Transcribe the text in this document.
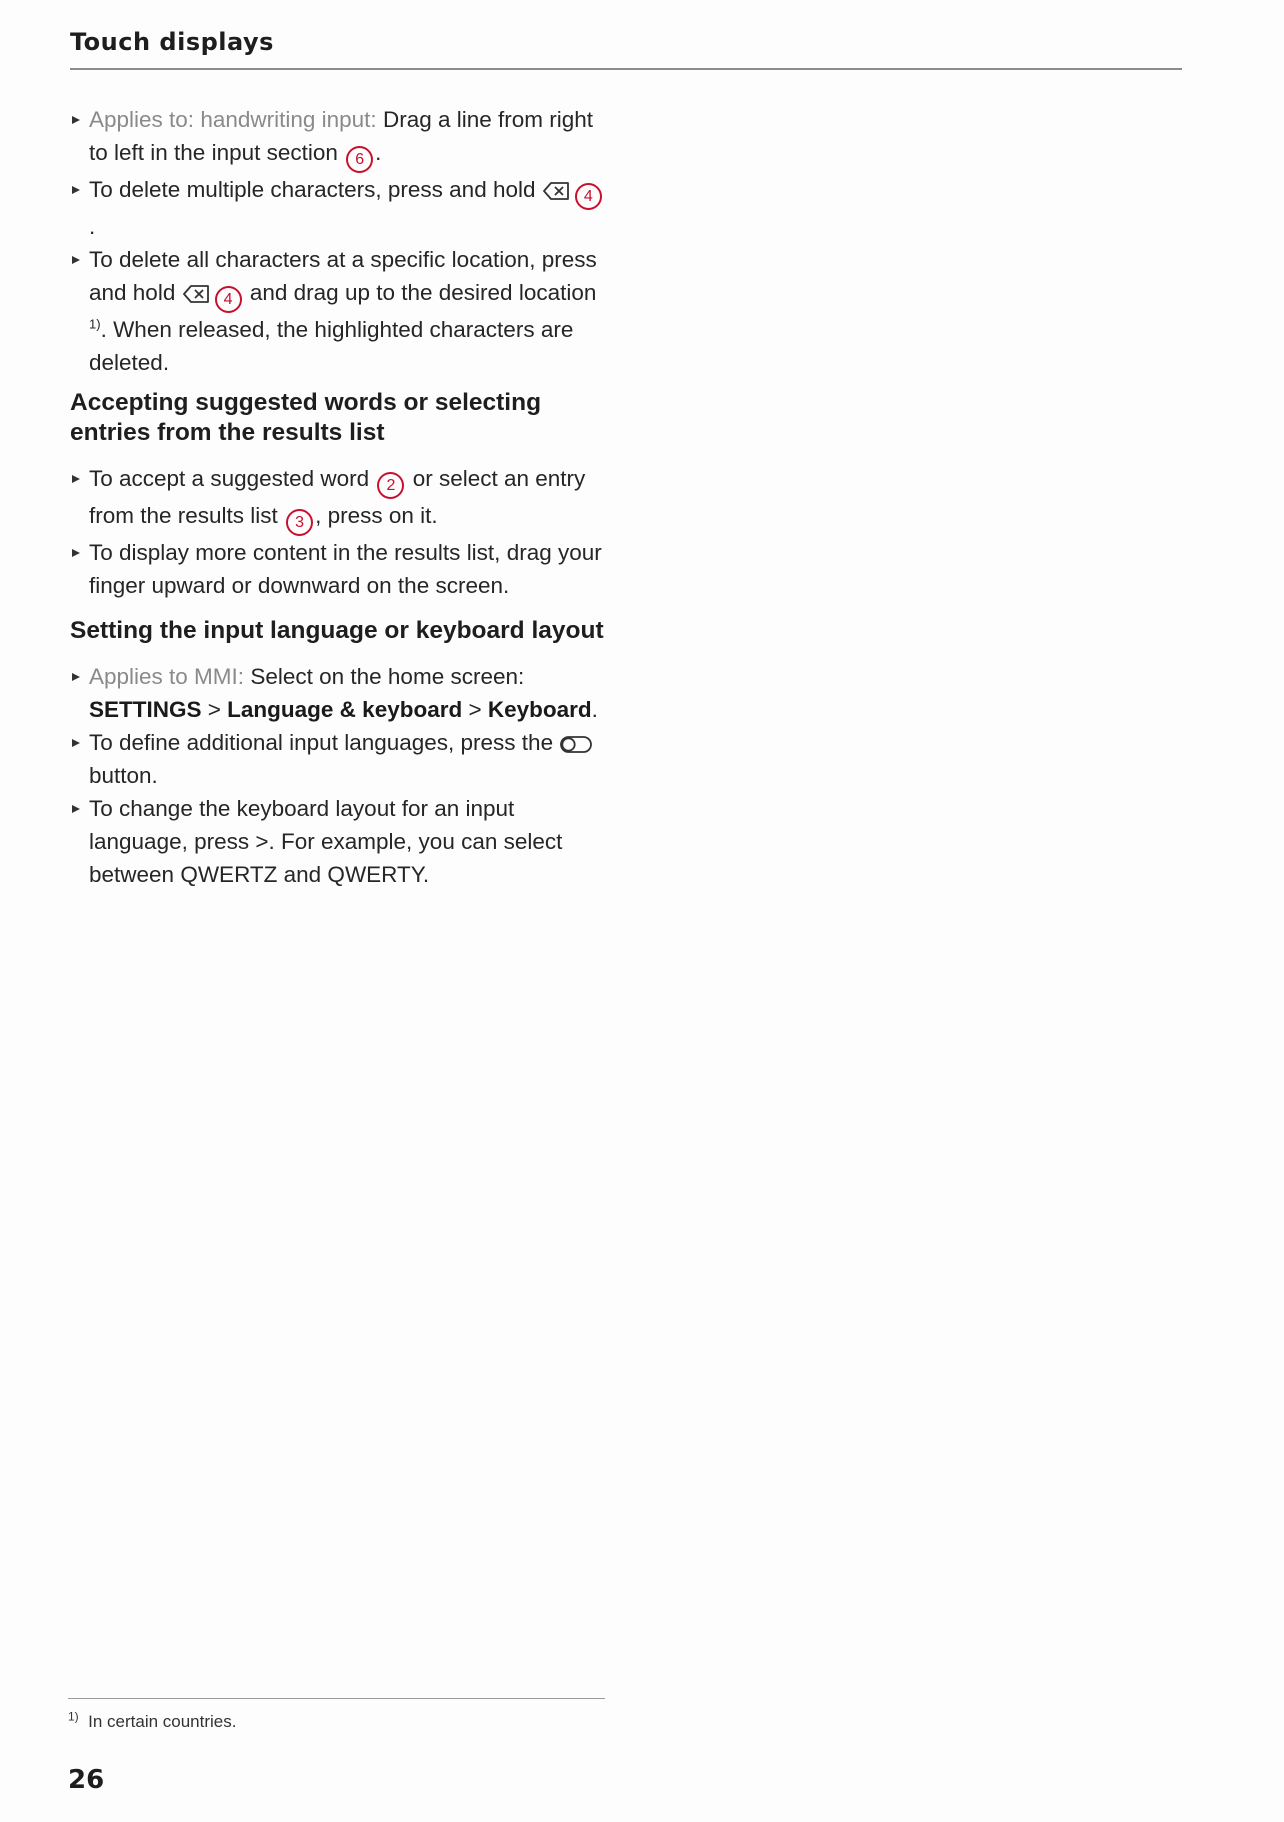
Touch displays
Applies to: handwriting input: Drag a line from right to left in the input section 6 .
To delete multiple characters, press and hold	4.
To delete all characters at a specific location, press and hold	4 and drag up to the desired location $^{1)}$. When released, the highlighted characters are deleted.
Accepting suggested words or selecting entries from the results list
To accept a suggested word 2 or select an entry from the results list 3 , press on it.
To display more content in the results list, drag your finger upward or downward on the screen.
Setting the input language or keyboard layout
Applies to MMI: Select on the home screen: SETTINGS > Language & keyboard > Keyboard.
To define additional input languages, press the button.
To change the keyboard layout for an input language, press >. For example, you can select between QWERTZ and QWERTY.
$^{1)}$ In certain countries.

26
